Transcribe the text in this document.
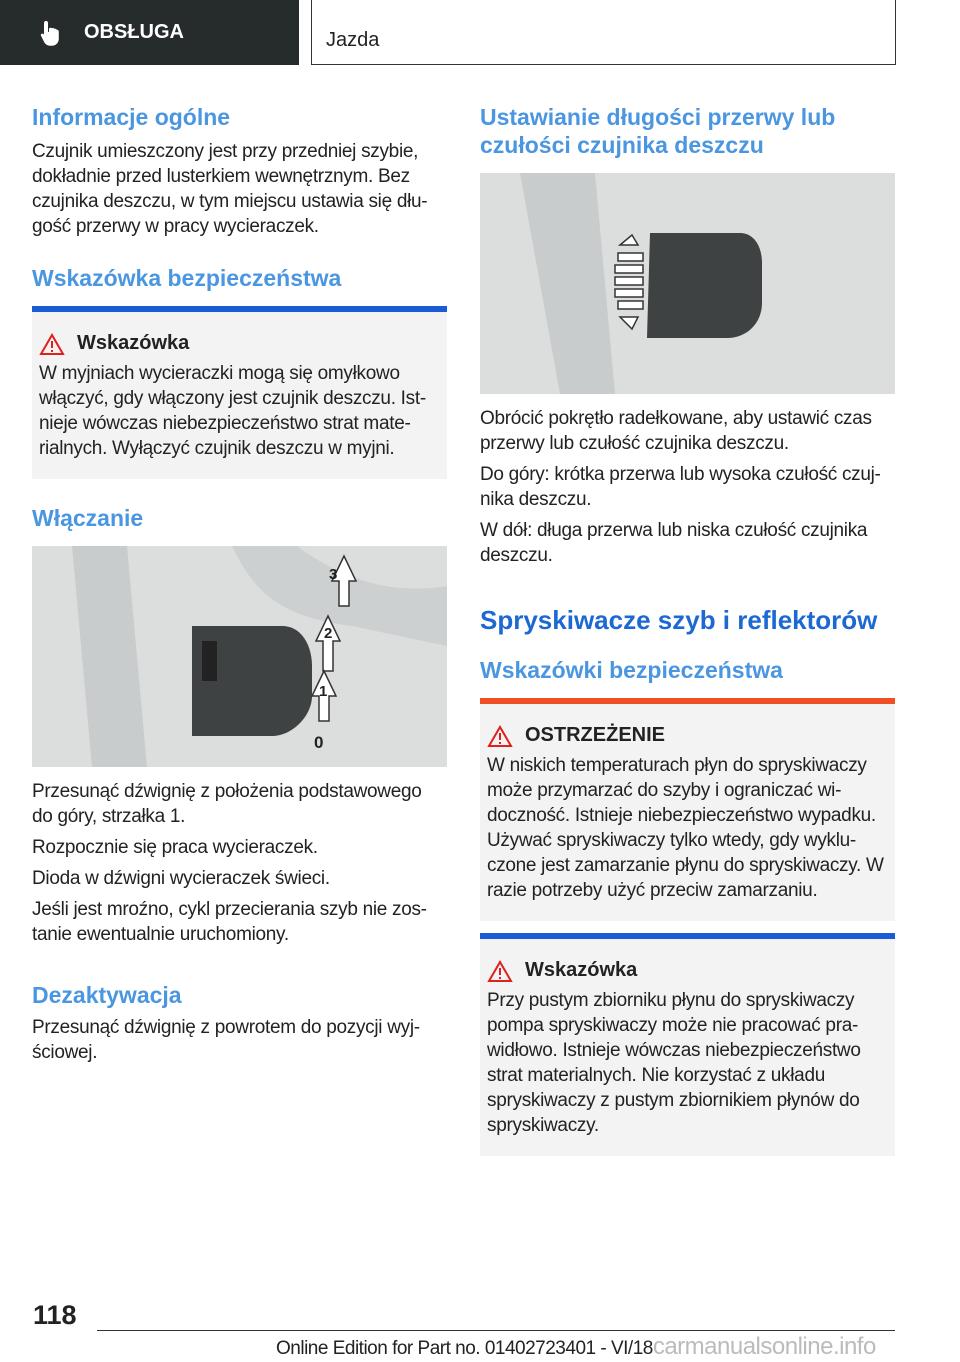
OBSŁUGA	Jazda
Informacje ogólne

Czujnik umieszczony jest przy przedniej szybie, dokładnie przed lusterkiem wewnętrznym. Bez czujnika deszczu, w tym miejscu ustawia się dłu-gość przerwy w pracy wycieraczek.

Wskazówka bezpieczeństwa
Wskazówka

W myjniach wycieraczki mogą się omyłkowo włączyć, gdy włączony jest czujnik deszczu. Ist-nieje wówczas niebezpieczeństwo strat mate-rialnych. Wyłączyć czujnik deszczu w myjni.

Włączanie
3
2
1
0

Przesunąć dźwignię z położenia podstawowego do góry, strzałka 1.

Rozpocznie się praca wycieraczek.

Dioda w dźwigni wycieraczek świeci.

Jeśli jest mroźno, cykl przecierania szyb nie zos-tanie ewentualnie uruchomiony.

Dezaktywacja

Przesunąć dźwignię z powrotem do pozycji wyj-ściowej.

Ustawianie długości przerwy lub czułości czujnika deszczu

Obrócić pokrętło radełkowane, aby ustawić czas przerwy lub czułość czujnika deszczu.

Do góry: krótka przerwa lub wysoka czułość czuj-nika deszczu.

W dół: długa przerwa lub niska czułość czujnika deszczu.

Spryskiwacze szyb i reflektorów
Wskazówki bezpieczeństwa
OSTRZEŻENIE

W niskich temperaturach płyn do spryskiwaczy może przymarzać do szyby i ograniczać wi-doczność. Istnieje niebezpieczeństwo wypadku. Używać spryskiwaczy tylko wtedy, gdy wyklu-czone jest zamarzanie płynu do spryskiwaczy. W razie potrzeby użyć przeciw zamarzaniu.

Wskazówka

Przy pustym zbiorniku płynu do spryskiwaczy pompa spryskiwaczy może nie pracować pra-widłowo. Istnieje wówczas niebezpieczeństwo strat materialnych. Nie korzystać z układu spryskiwaczy z pustym zbiornikiem płynów do spryskiwaczy.

118
Online Edition for Part no. 01402723401 - VI/18carmanualsonline.info
